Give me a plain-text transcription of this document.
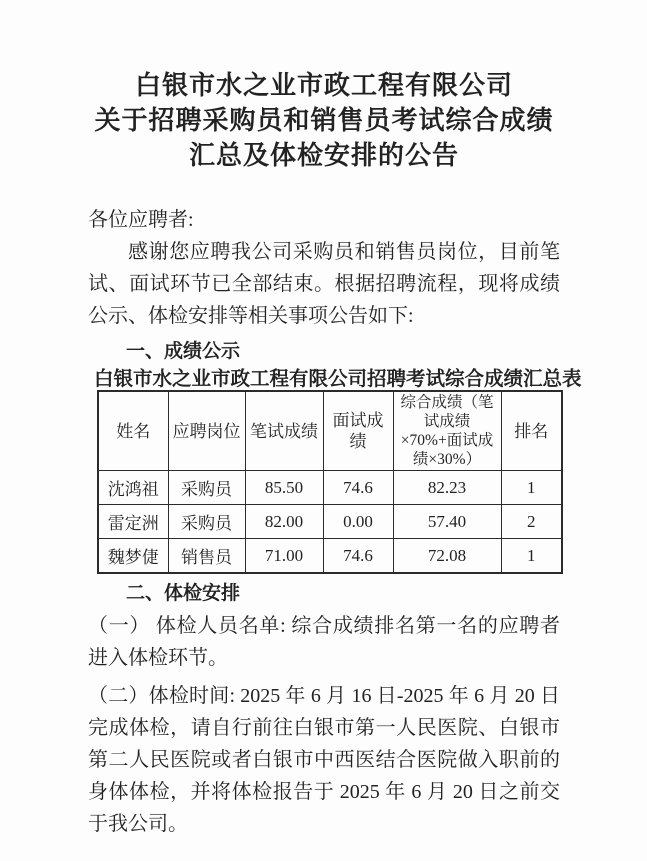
白银市水之业市政工程有限公司
关于招聘采购员和销售员考试综合成绩
汇总及体检安排的公告

各位应聘者:

感谢您应聘我公司采购员和销售员岗位，目前笔试、面试环节已全部结束。根据招聘流程，现将成绩公示、体检安排等相关事项公告如下:

一、成绩公示
白银市水之业市政工程有限公司招聘考试综合成绩汇总表
姓名	应聘岗位	笔试成绩	面试成绩	综合成绩（笔试成绩×70%+面试成绩×30%）	排名
沈鸿祖	采购员	85.50	74.6	82.23	1
雷定洲	采购员	82.00	0.00	57.40	2
魏梦倢	销售员	71.00	74.6	72.08	1
二、体检安排

（一） 体检人员名单: 综合成绩排名第一名的应聘者进入体检环节。

（二）体检时间: 2025 年 6 月 16 日-2025 年 6 月 20 日完成体检，请自行前往白银市第一人民医院、白银市第二人民医院或者白银市中西医结合医院做入职前的身体体检，并将体检报告于 2025 年 6 月 20 日之前交于我公司。
